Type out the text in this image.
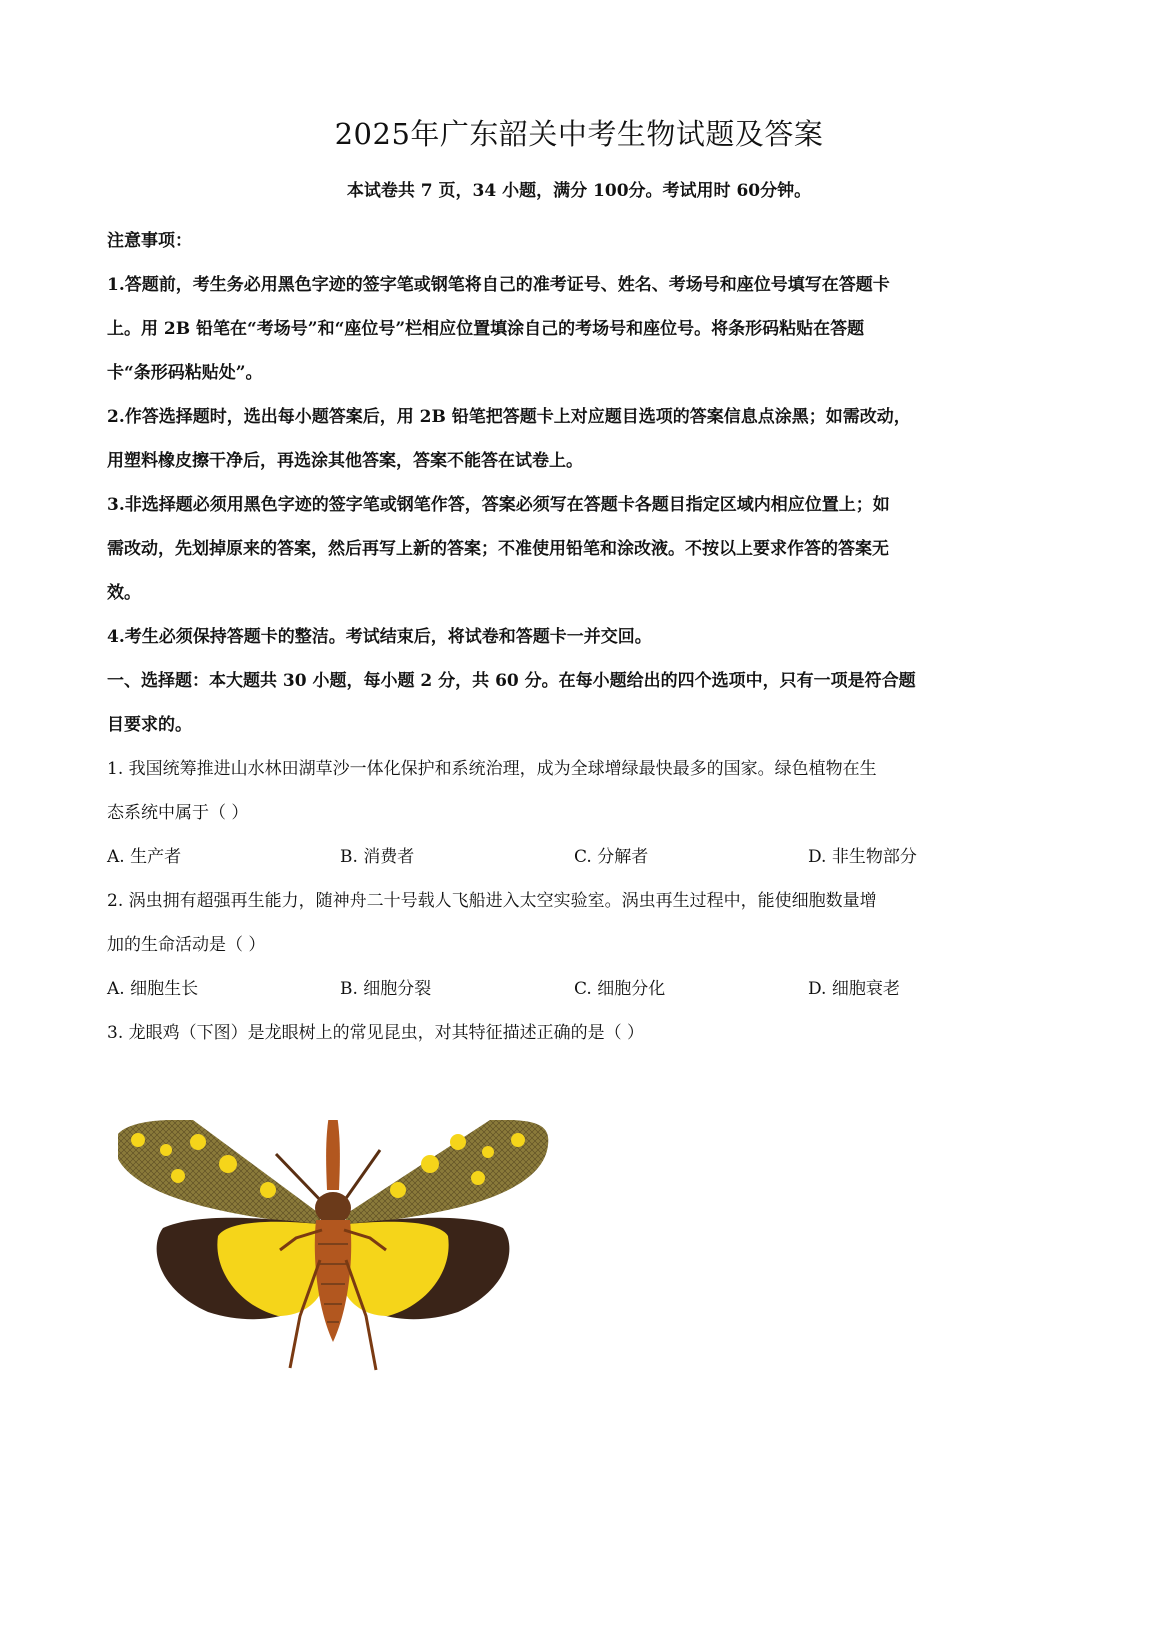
2025年广东韶关中考生物试题及答案
本试卷共 7 页，34 小题，满分 100分。考试用时 60分钟。
注意事项：
1.答题前，考生务必用黑色字迹的签字笔或钢笔将自己的准考证号、姓名、考场号和座位号填写在答题卡
上。用 2B 铅笔在“考场号”和“座位号”栏相应位置填涂自己的考场号和座位号。将条形码粘贴在答题
卡“条形码粘贴处”。
2.作答选择题时，选出每小题答案后，用 2B 铅笔把答题卡上对应题目选项的答案信息点涂黑；如需改动，
用塑料橡皮擦干净后，再选涂其他答案，答案不能答在试卷上。
3.非选择题必须用黑色字迹的签字笔或钢笔作答，答案必须写在答题卡各题目指定区域内相应位置上；如
需改动，先划掉原来的答案，然后再写上新的答案；不准使用铅笔和涂改液。不按以上要求作答的答案无
效。
4.考生必须保持答题卡的整洁。考试结束后，将试卷和答题卡一并交回。
一、选择题：本大题共 30 小题，每小题 2 分，共 60 分。在每小题给出的四个选项中，只有一项是符合题
目要求的。
1. 我国统筹推进山水林田湖草沙一体化保护和系统治理，成为全球增绿最快最多的国家。绿色植物在生
态系统中属于（ ）
A. 生产者	B. 消费者	C. 分解者	D. 非生物部分
2. 涡虫拥有超强再生能力，随神舟二十号载人飞船进入太空实验室。涡虫再生过程中，能使细胞数量增
加的生命活动是（ ）
A. 细胞生长	B. 细胞分裂	C. 细胞分化	D. 细胞衰老
3. 龙眼鸡（下图）是龙眼树上的常见昆虫，对其特征描述正确的是（ ）
